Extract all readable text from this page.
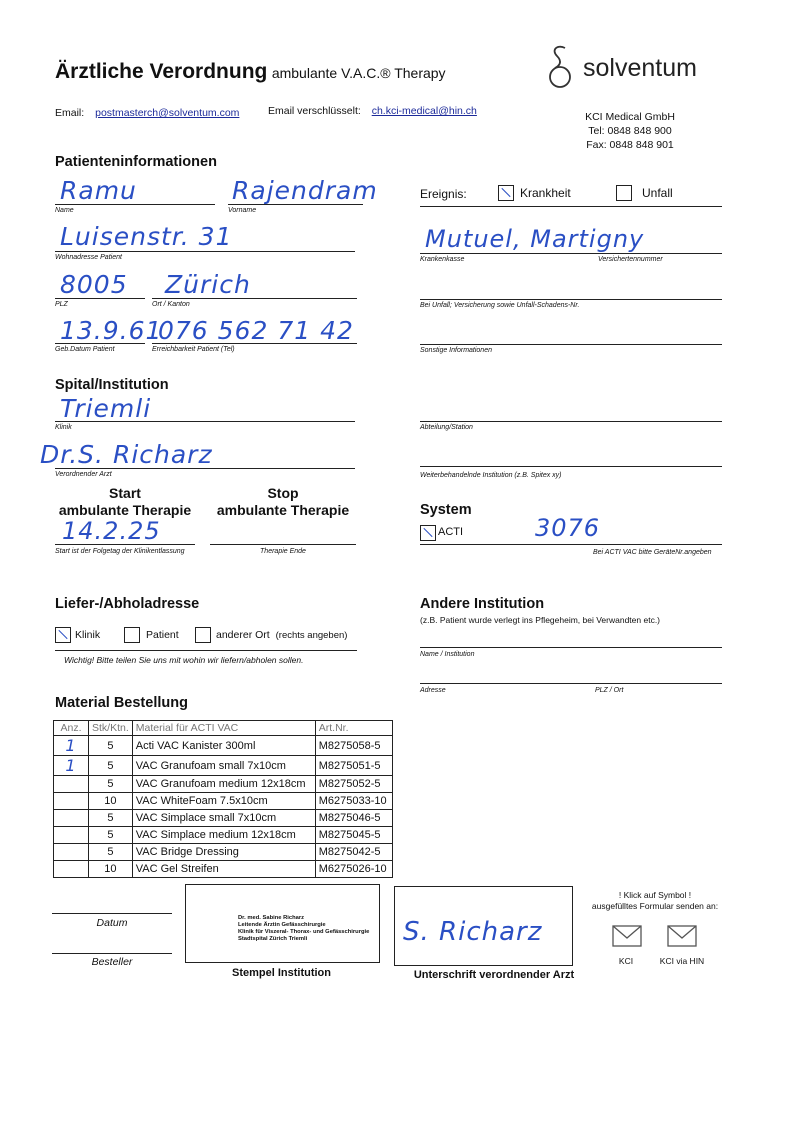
Ärztliche Verordnung ambulante V.A.C.® Therapy	solventum
Email: postmasterch@solventum.com	Email verschlüsselt: ch.kci-medical@hin.ch	KCI Medical GmbH
Tel: 0848 848 900
Fax: 0848 848 901
Patienteninformationen
Ramu
Name
Rajendram
Vorname
Luisenstr. 31
Wohnadresse Patient
8005
PLZ
Zürich
Ort / Kanton
13.9.61
Geb.Datum Patient
076 562 71 42
Erreichbarkeit Patient (Tel)
Ereignis:	Krankheit	Unfall
Mutuel, Martigny
Krankenkasse	Versichertennummer
Bei Unfall; Versicherung sowie Unfall-Schadens-Nr.
Sonstige Informationen
Spital/Institution
Triemli
Klinik
Dr.S. Richarz
Verordnender Arzt
Abteilung/Station
Weiterbehandelnde Institution (z.B. Spitex xy)
Start
ambulante Therapie
Stop
ambulante Therapie
14.2.25
Start ist der Folgetag der Klinikentlassung	Therapie Ende
System
ACTI	3076
Bei ACTI VAC bitte GeräteNr.angeben
Liefer-/Abholadresse
Klinik	Patient	anderer Ort (rechts angeben)
Wichtig! Bitte teilen Sie uns mit wohin wir liefern/abholen sollen.
Andere Institution
(z.B. Patient wurde verlegt ins Pflegeheim, bei Verwandten etc.)
Name / Institution
Adresse	PLZ / Ort
Material Bestellung
Anz.	Stk/Ktn.	Material für ACTI VAC	Art.Nr.
1	5	Acti VAC Kanister 300ml	M8275058-5
1	5	VAC Granufoam small 7x10cm	M8275051-5
	5	VAC Granufoam medium 12x18cm	M8275052-5
	10	VAC WhiteFoam 7.5x10cm	M6275033-10
	5	VAC Simplace small 7x10cm	M8275046-5
	5	VAC Simplace medium 12x18cm	M8275045-5
	5	VAC Bridge Dressing	M8275042-5
	10	VAC Gel Streifen	M6275026-10
Datum
Besteller
Dr. med. Sabine Richarz
Leitende Ärztin Gefässchirurgie
Klinik für Viszeral- Thorax- und Gefässchirurgie
Stadtspital Zürich Triemli
Stempel Institution
S. Richarz
Unterschrift verordnender Arzt
! Klick auf Symbol !
ausgefülltes Formular senden an:
KCI	KCI via HIN
